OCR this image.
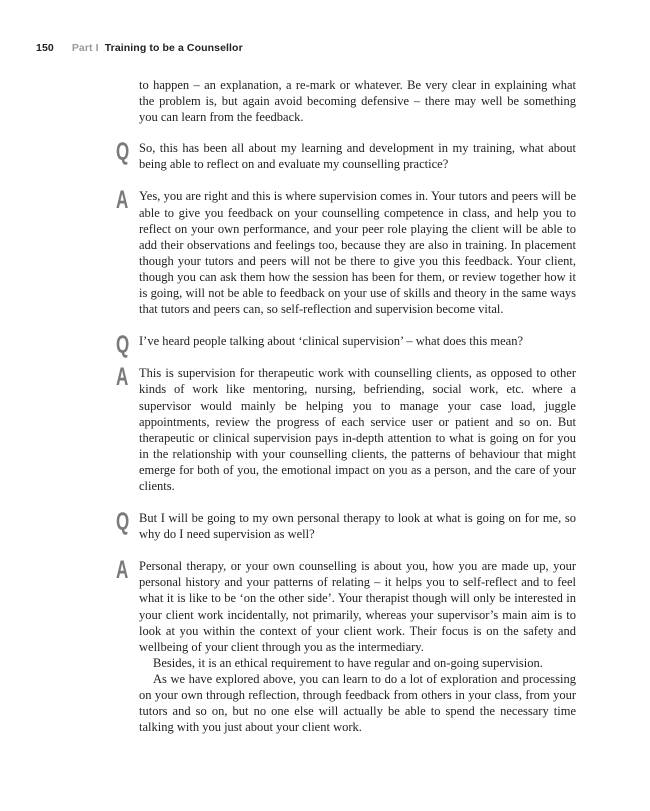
150 Part I Training to be a Counsellor

to happen – an explanation, a re-mark or whatever. Be very clear in explaining what the problem is, but again avoid becoming defensive – there may well be something you can learn from the feedback.

Q So, this has been all about my learning and development in my training, what about being able to reflect on and evaluate my counselling practice?

A Yes, you are right and this is where supervision comes in. Your tutors and peers will be able to give you feedback on your counselling competence in class, and help you to reflect on your own performance, and your peer role playing the client will be able to add their observations and feelings too, because they are also in training. In placement though your tutors and peers will not be there to give you this feedback. Your client, though you can ask them how the session has been for them, or review together how it is going, will not be able to feedback on your use of skills and theory in the same ways that tutors and peers can, so self-reflection and supervision become vital.

Q I’ve heard people talking about ‘clinical supervision’ – what does this mean?

A This is supervision for therapeutic work with counselling clients, as opposed to other kinds of work like mentoring, nursing, befriending, social work, etc. where a supervisor would mainly be helping you to manage your case load, juggle appointments, review the progress of each service user or patient and so on. But therapeutic or clinical supervision pays in-depth attention to what is going on for you in the relationship with your counselling clients, the patterns of behaviour that might emerge for both of you, the emotional impact on you as a person, and the care of your clients.

Q But I will be going to my own personal therapy to look at what is going on for me, so why do I need supervision as well?

A Personal therapy, or your own counselling is about you, how you are made up, your personal history and your patterns of relating – it helps you to self-reflect and to feel what it is like to be ‘on the other side’. Your therapist though will only be interested in your client work incidentally, not primarily, whereas your supervisor’s main aim is to look at you within the context of your client work. Their focus is on the safety and wellbeing of your client through you as the intermediary.

Besides, it is an ethical requirement to have regular and on-going supervision.

As we have explored above, you can learn to do a lot of exploration and processing on your own through reflection, through feedback from others in your class, from your tutors and so on, but no one else will actually be able to spend the necessary time talking with you just about your client work.
